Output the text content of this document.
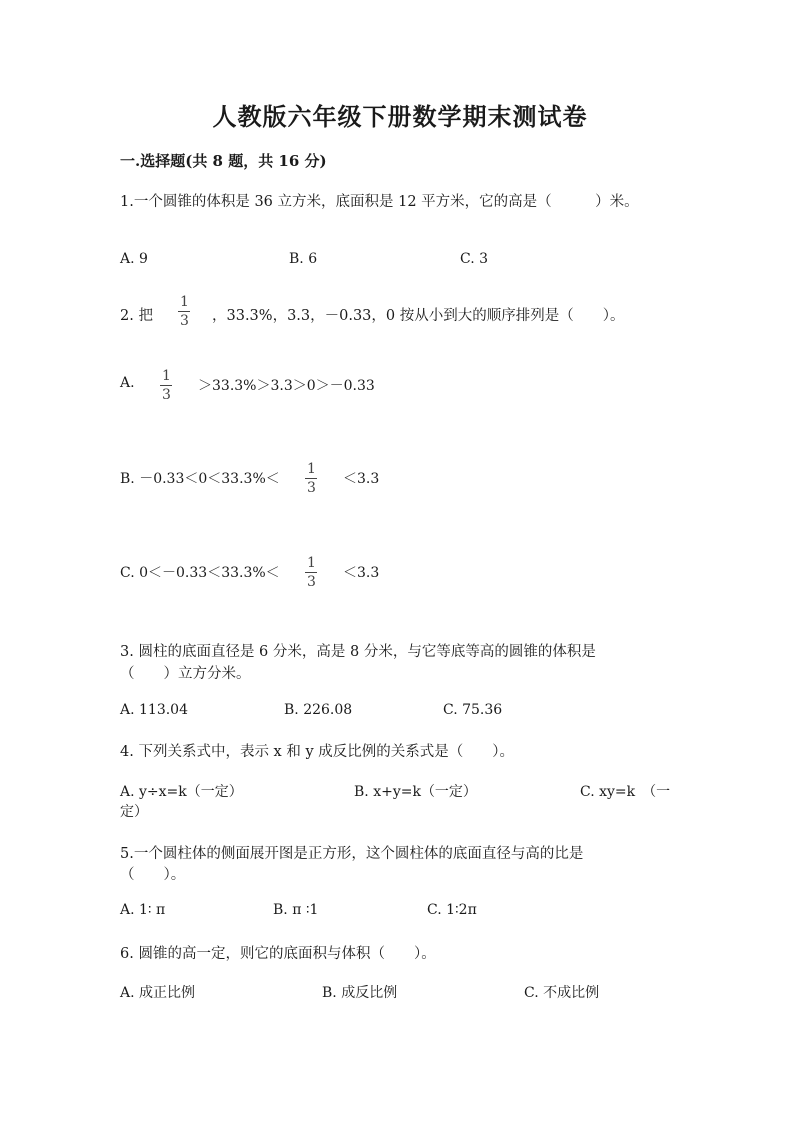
人教版六年级下册数学期末测试卷
一.选择题(共 8 题，共 16 分)
1.一个圆锥的体积是 36 立方米，底面积是 12 平方米，它的高是（　　　）米。
A. 9	B. 6	C. 3
2. 把
1
3 ，33.3%，3.3，－0.33，0 按从小到大的顺序排列是（　　）。
A. 1
3
＞33.3%＞3.3＞0＞－0.33
B. －0.33＜0＜33.3%＜
1
3
＜3.3
C. 0＜－0.33＜33.3%＜
1
3
＜3.3
3. 圆柱的底面直径是 6 分米，高是 8 分米，与它等底等高的圆锥的体积是
（　　）立方分米。
A. 113.04	B. 226.08	C. 75.36
4. 下列关系式中，表示 x 和 y 成反比例的关系式是（　　）。
A. y÷x=k（一定）	B. x+y=k（一定）	C. xy=k　（一
定）
5.一个圆柱体的侧面展开图是正方形，这个圆柱体的底面直径与高的比是
（　　）。
A. 1∶ π	B. π ∶1	C. 1∶2π
6. 圆锥的高一定，则它的底面积与体积（　　）。
A. 成正比例	B. 成反比例	C. 不成比例
